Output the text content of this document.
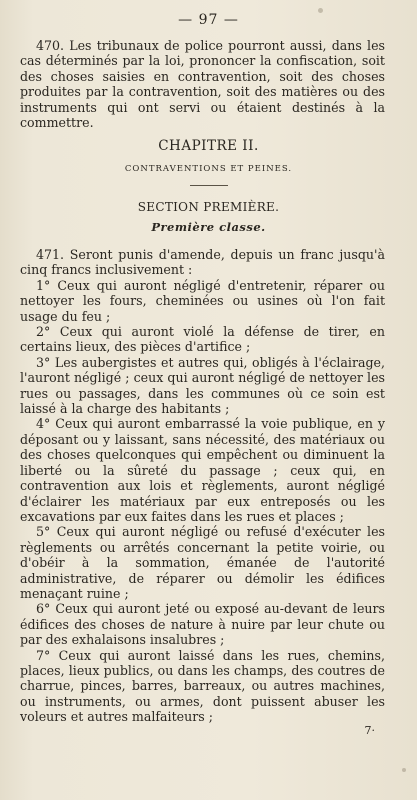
— 97 —

470. Les tribunaux de police pourront aussi, dans les cas déterminés par la loi, prononcer la confiscation, soit des choses saisies en contravention, soit des choses produites par la contravention, soit des matières ou des instruments qui ont servi ou étaient destinés à la commettre.

CHAPITRE II.
CONTRAVENTIONS ET PEINES.
SECTION PREMIÈRE.
Première classe.

471. Seront punis d'amende, depuis un franc jusqu'à cinq francs inclusivement :

1° Ceux qui auront négligé d'entretenir, réparer ou nettoyer les fours, cheminées ou usines où l'on fait usage du feu ;

2° Ceux qui auront violé la défense de tirer, en certains lieux, des pièces d'artifice ;

3° Les aubergistes et autres qui, obligés à l'éclairage, l'auront négligé ; ceux qui auront négligé de nettoyer les rues ou passages, dans les communes où ce soin est laissé à la charge des habitants ;

4° Ceux qui auront embarrassé la voie publique, en y déposant ou y laissant, sans nécessité, des matériaux ou des choses quelconques qui empêchent ou diminuent la liberté ou la sûreté du passage ; ceux qui, en contravention aux lois et règlements, auront négligé d'éclairer les matériaux par eux entreposés ou les excavations par eux faites dans les rues et places ;

5° Ceux qui auront négligé ou refusé d'exécuter les règlements ou arrêtés concernant la petite voirie, ou d'obéir à la sommation, émanée de l'autorité administrative, de réparer ou démolir les édifices menaçant ruine ;

6° Ceux qui auront jeté ou exposé au-devant de leurs édifices des choses de nature à nuire par leur chute ou par des exhalaisons insalubres ;

7° Ceux qui auront laissé dans les rues, chemins, places, lieux publics, ou dans les champs, des coutres de charrue, pinces, barres, barreaux, ou autres machines, ou instruments, ou armes, dont puissent abuser les voleurs et autres malfaiteurs ;

7·
